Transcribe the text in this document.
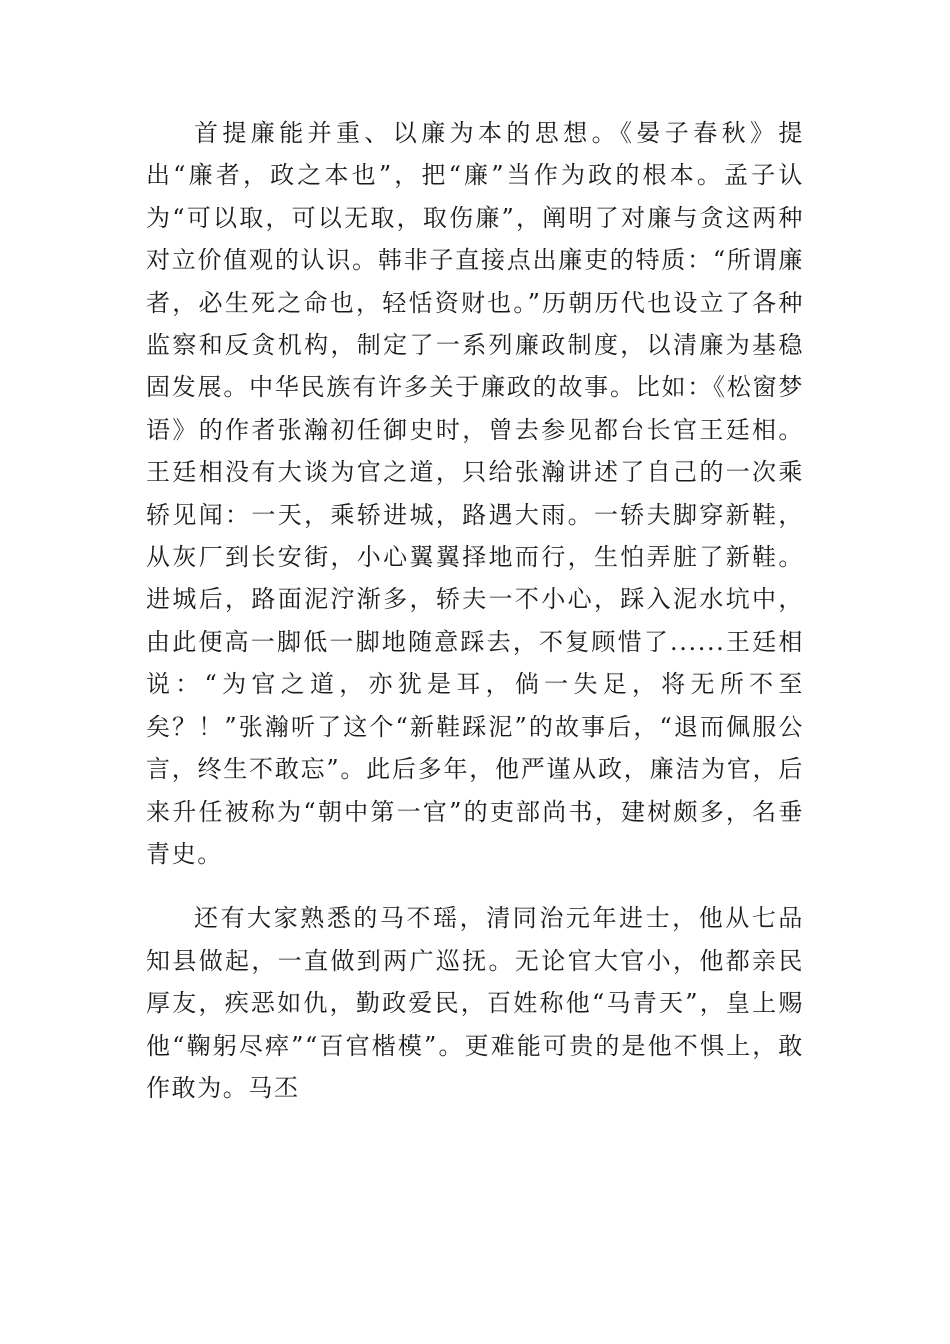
首提廉能并重、以廉为本的思想。《晏子春秋》提出“廉者，政之本也”，把“廉”当作为政的根本。孟子认为“可以取，可以无取，取伤廉”，阐明了对廉与贪这两种对立价值观的认识。韩非子直接点出廉吏的特质：“所谓廉者，必生死之命也，轻恬资财也。”历朝历代也设立了各种监察和反贪机构，制定了一系列廉政制度，以清廉为基稳固发展。中华民族有许多关于廉政的故事。比如：《松窗梦语》的作者张瀚初任御史时，曾去参见都台长官王廷相。王廷相没有大谈为官之道，只给张瀚讲述了自己的一次乘轿见闻：一天，乘轿进城，路遇大雨。一轿夫脚穿新鞋，从灰厂到长安街，小心翼翼择地而行，生怕弄脏了新鞋。进城后，路面泥泞渐多，轿夫一不小心，踩入泥水坑中，由此便高一脚低一脚地随意踩去，不复顾惜了......王廷相说：“为官之道，亦犹是耳，倘一失足，将无所不至矣？！”张瀚听了这个“新鞋踩泥”的故事后，“退而佩服公言，终生不敢忘”。此后多年，他严谨从政，廉洁为官，后来升任被称为“朝中第一官”的吏部尚书，建树颇多，名垂青史。

还有大家熟悉的马不瑶，清同治元年进士，他从七品知县做起，一直做到两广巡抚。无论官大官小，他都亲民厚友，疾恶如仇，勤政爱民，百姓称他“马青天”，皇上赐他“鞠躬尽瘁”“百官楷模”。更难能可贵的是他不惧上，敢作敢为。马丕
